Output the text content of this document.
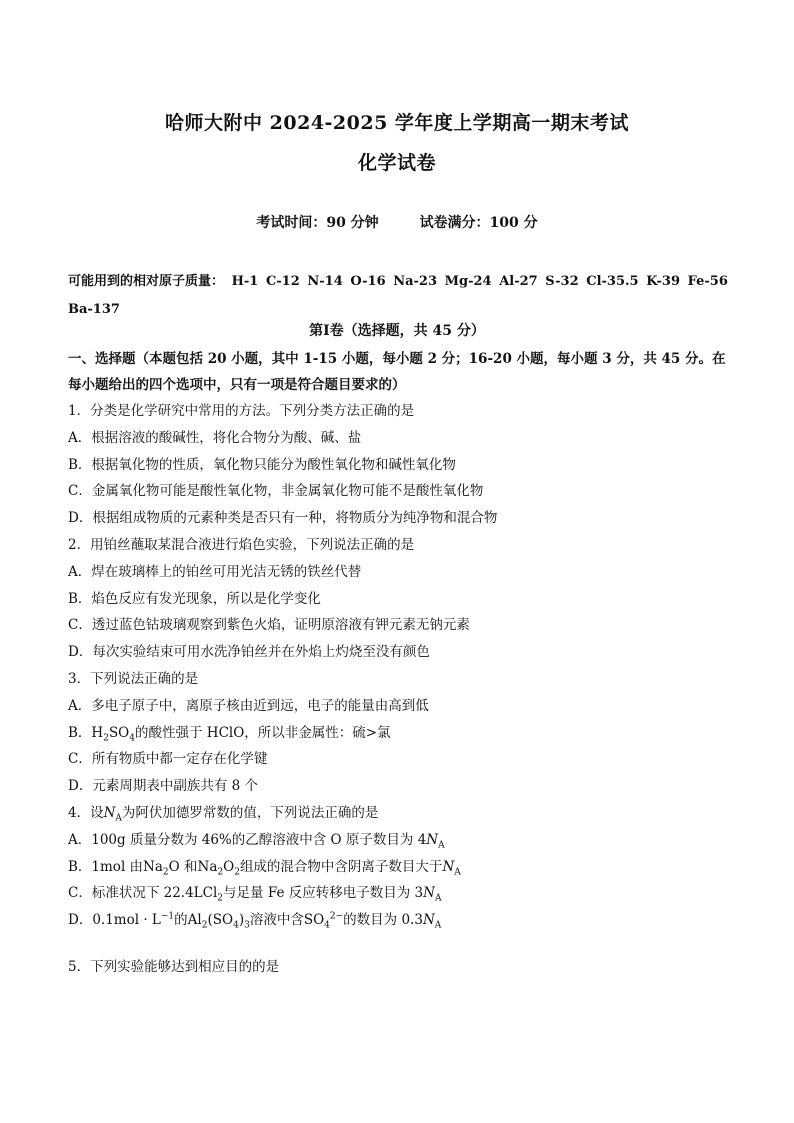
哈师大附中 2024-2025 学年度上学期高一期末考试
化学试卷
考试时间：90 分钟	试卷满分：100 分
可能用到的相对原子质量： H-1 C-12 N-14 O-16 Na-23 Mg-24 Al-27 S-32 Cl-35.5 K-39 Fe-56
Ba-137
第Ⅰ卷（选择题，共 45 分）
一、选择题（本题包括 20 小题，其中 1-15 小题，每小题 2 分；16-20 小题，每小题 3 分，共 45 分。在每小题给出的四个选项中，只有一项是符合题目要求的）
1．分类是化学研究中常用的方法。下列分类方法正确的是
A．根据溶液的酸碱性，将化合物分为酸、碱、盐
B．根据氧化物的性质，氧化物只能分为酸性氧化物和碱性氧化物
C．金属氧化物可能是酸性氧化物，非金属氧化物可能不是酸性氧化物
D．根据组成物质的元素种类是否只有一种，将物质分为纯净物和混合物
2．用铂丝蘸取某混合液进行焰色实验，下列说法正确的是
A．焊在玻璃棒上的铂丝可用光洁无锈的铁丝代替
B．焰色反应有发光现象，所以是化学变化
C．透过蓝色钴玻璃观察到紫色火焰，证明原溶液有钾元素无钠元素
D．每次实验结束可用水洗净铂丝并在外焰上灼烧至没有颜色
3．下列说法正确的是
A．多电子原子中，离原子核由近到远，电子的能量由高到低
B．$H_2SO_4$的酸性强于 HClO，所以非金属性：硫>氯
C．所有物质中都一定存在化学键
D．元素周期表中副族共有 8 个
4．设$N_A$为阿伏加德罗常数的值，下列说法正确的是
A．100g 质量分数为 46%的乙醇溶液中含 O 原子数目为 $4N_A$
B．1mol 由$Na_2O$ 和$Na_2O_2$组成的混合物中含阴离子数目大于$N_A$
C．标准状况下 22.4LCl$_2$与足量 Fe 反应转移电子数目为 $3N_A$
D．$0.1mol \cdot L^{-1}$的$Al_2(SO_4)_3$溶液中含$SO_4^{2-}$的数目为 $0.3N_A$
5．下列实验能够达到相应目的的是
